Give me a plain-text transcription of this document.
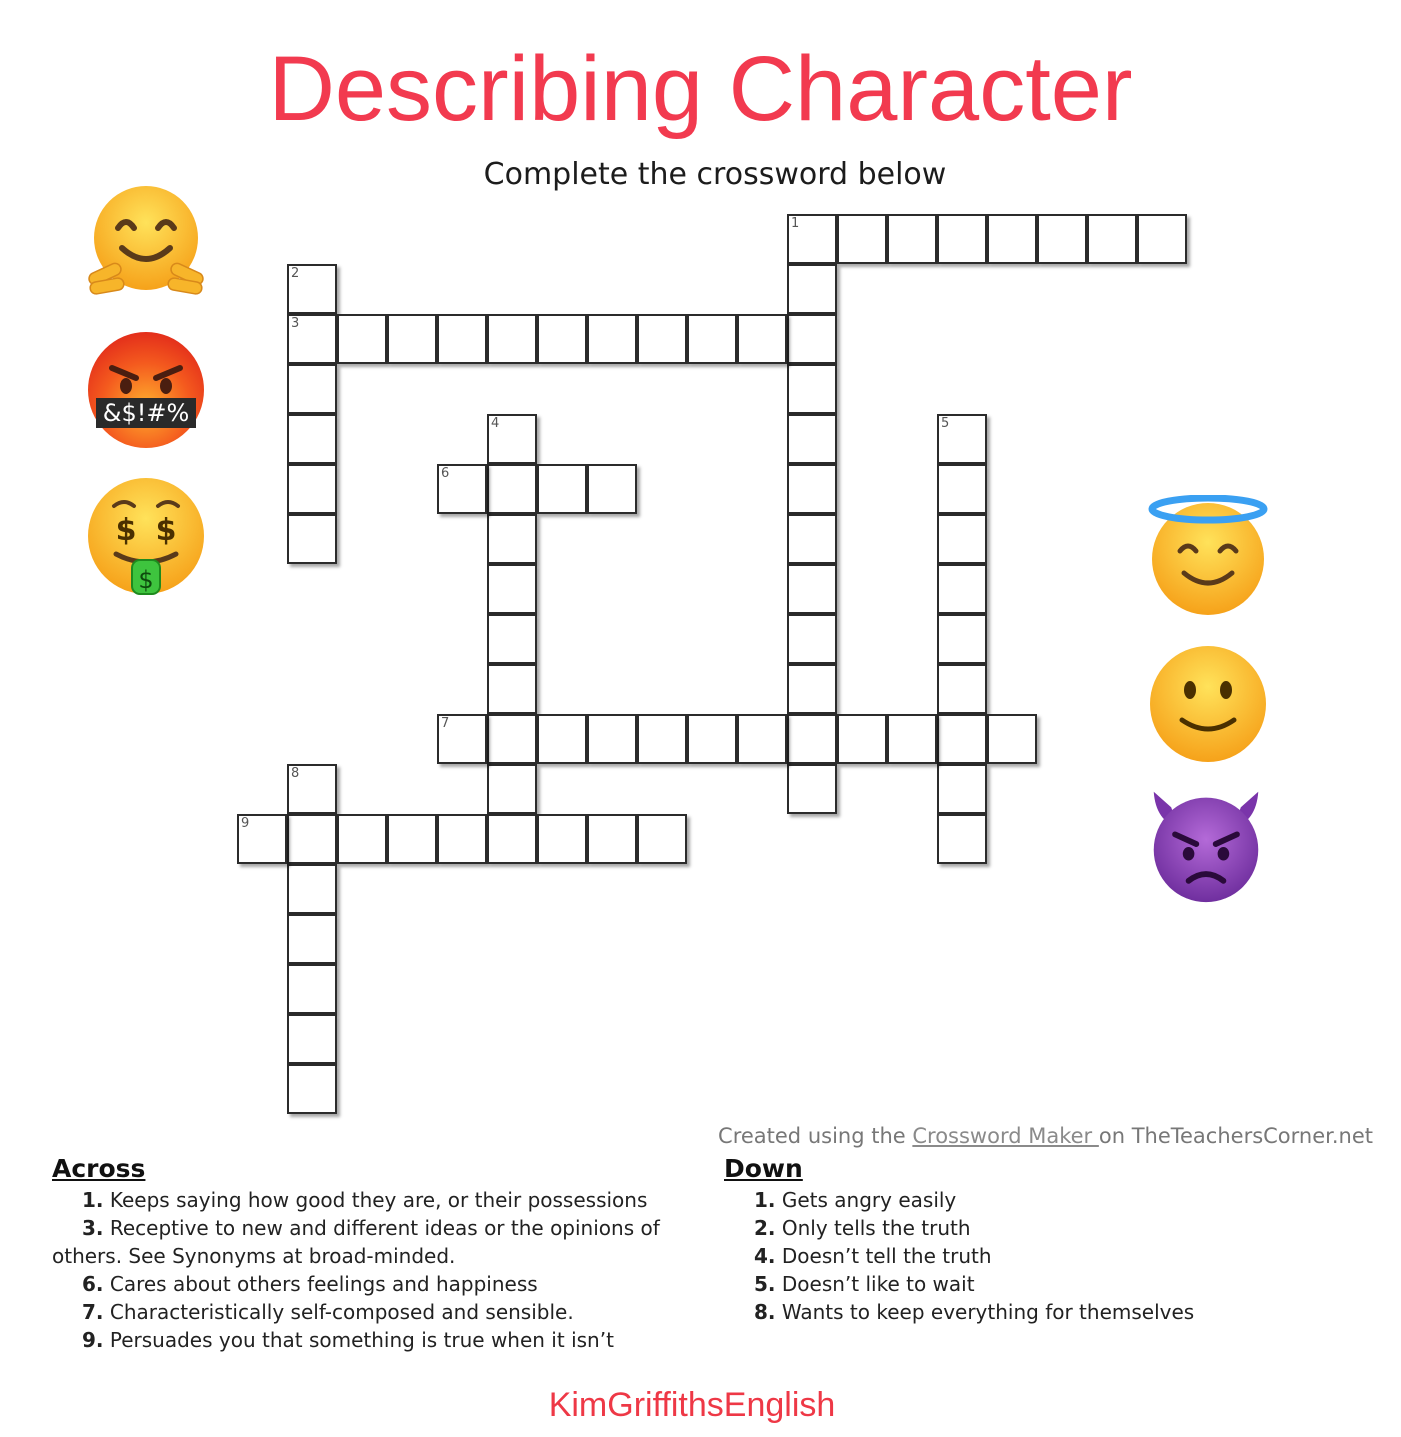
Describing Character
Complete the crossword below
1
2
3
4	5
6
7
8
9
&$!#%
$ $
$
Created using the Crossword Maker on TheTeachersCorner.net
Across
1. Keeps saying how good they are, or their possessions
3. Receptive to new and different ideas or the opinions of
others. See Synonyms at broad-minded.
6. Cares about others feelings and happiness
7. Characteristically self-composed and sensible.
9. Persuades you that something is true when it isn’t
Down
1. Gets angry easily
2. Only tells the truth
4. Doesn’t tell the truth
5. Doesn’t like to wait
8. Wants to keep everything for themselves
KimGriffithsEnglish
